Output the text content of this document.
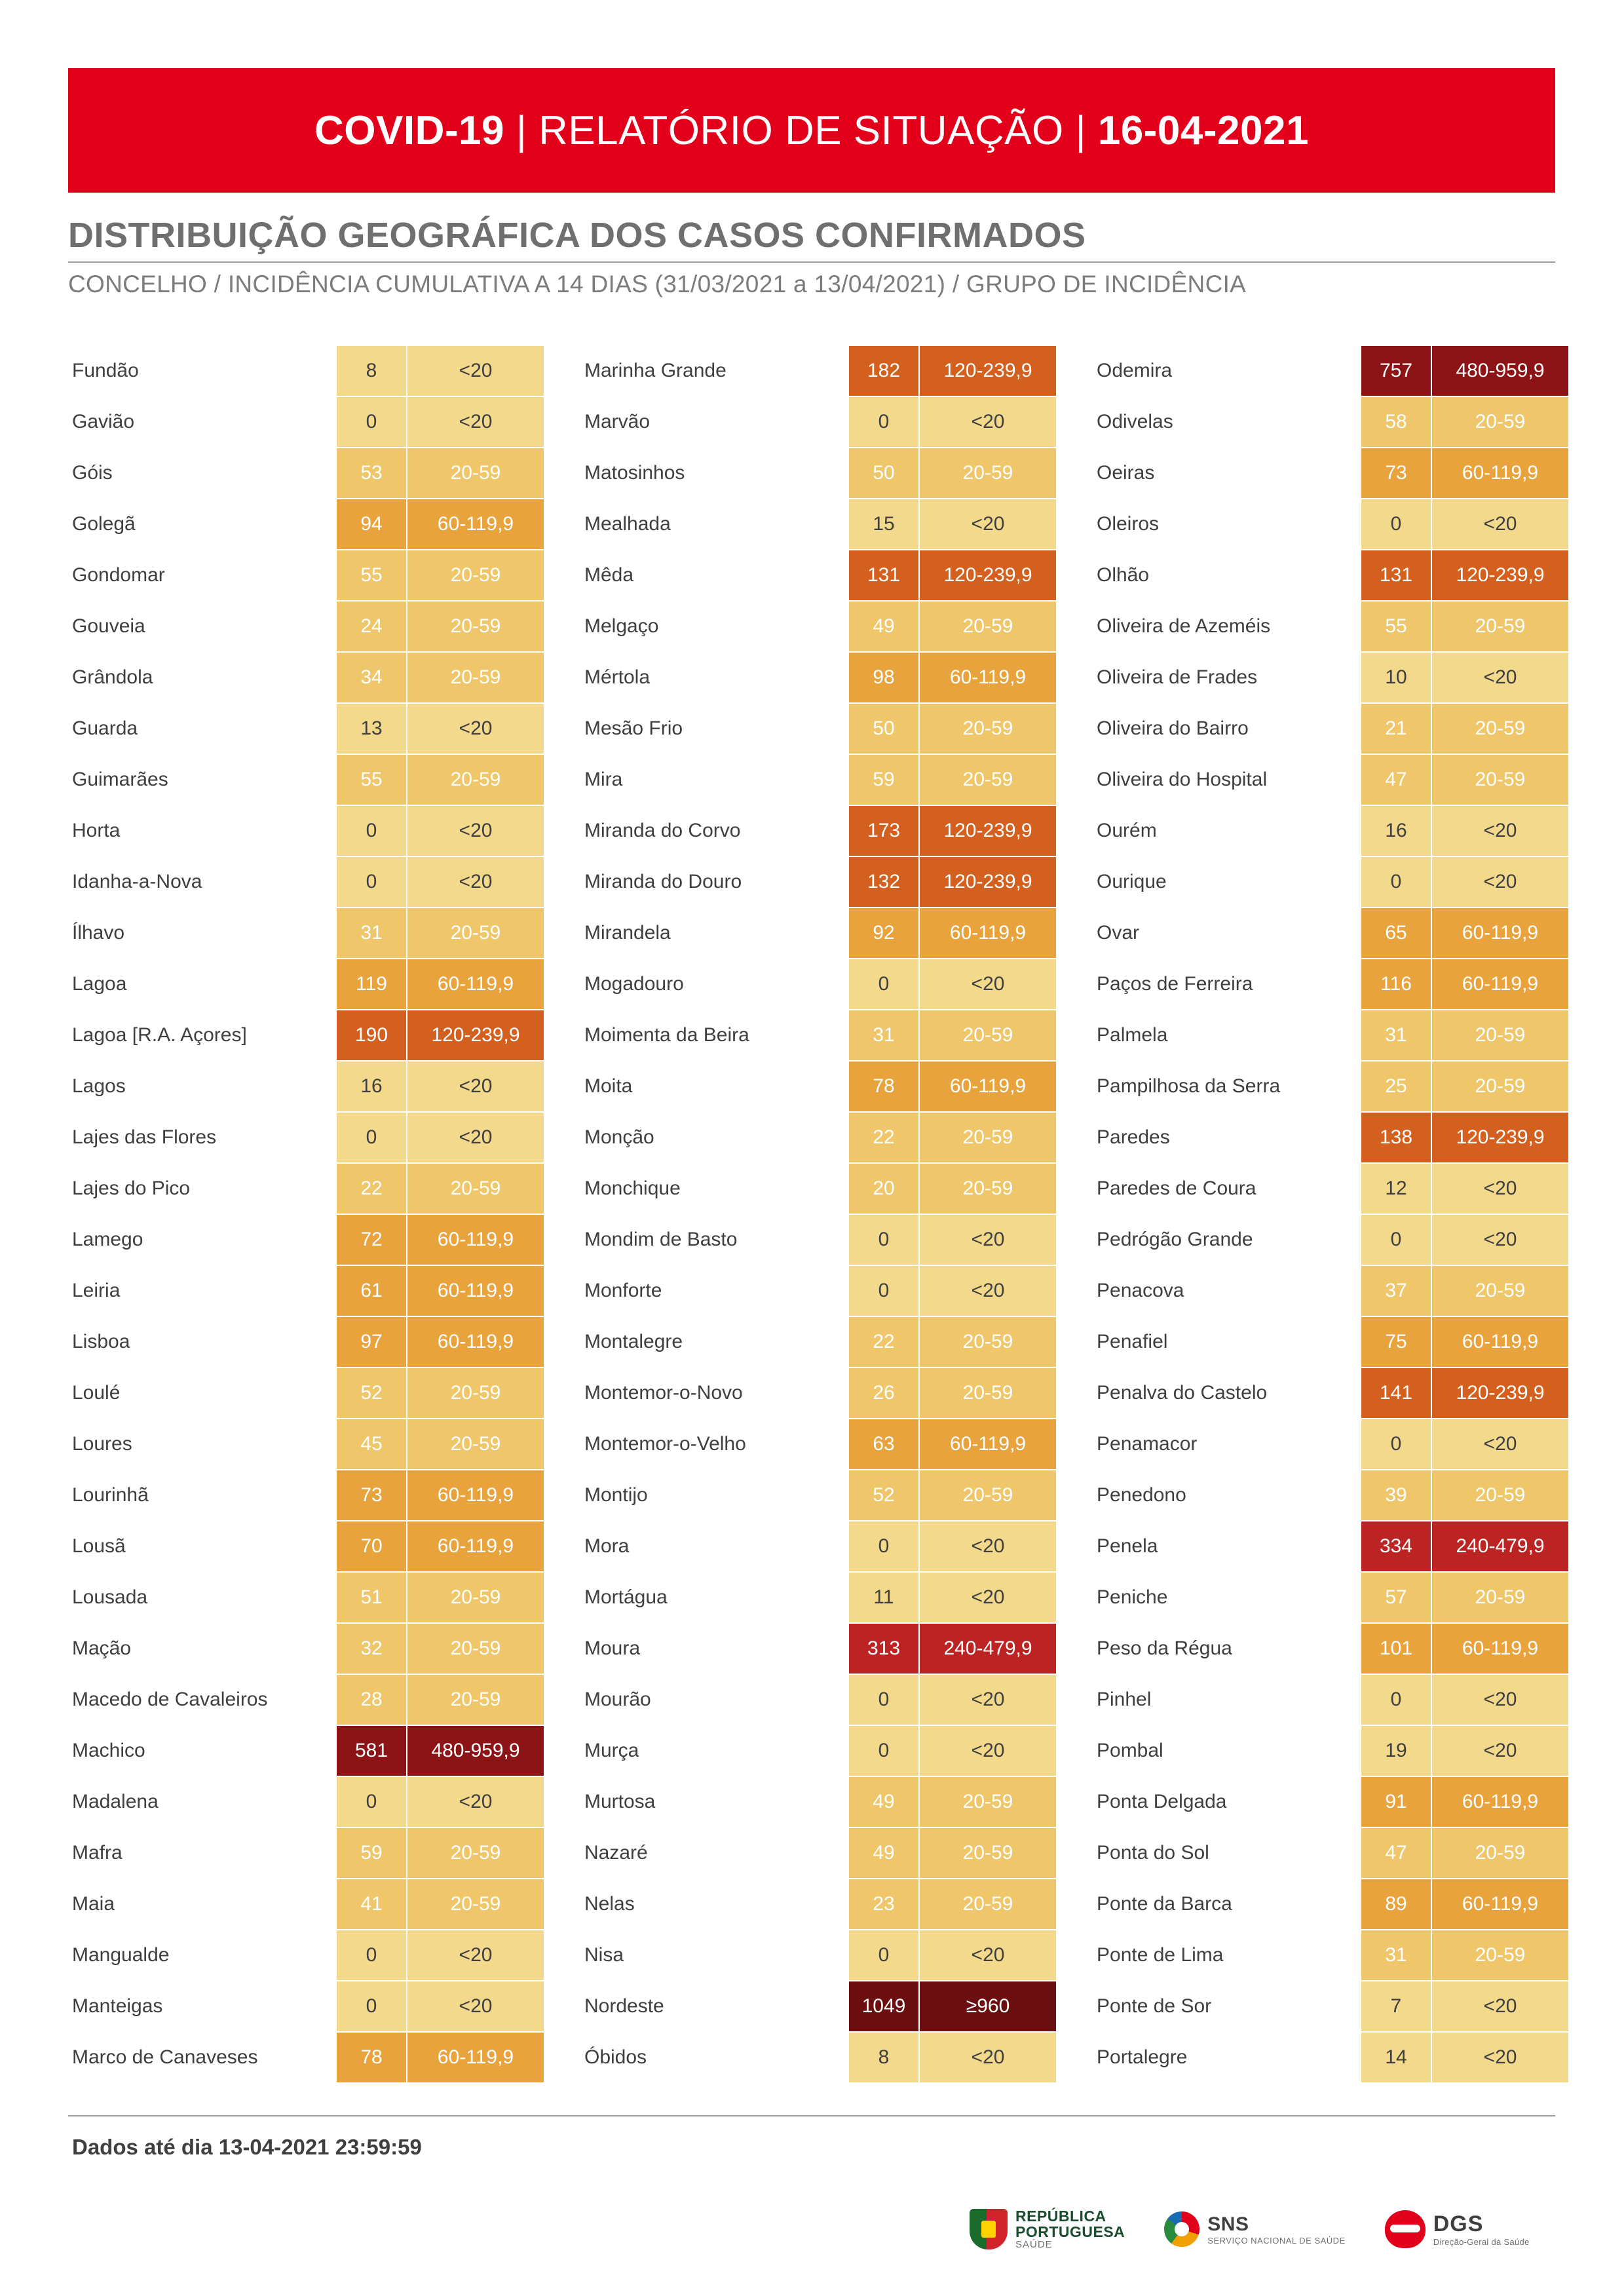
COVID-19 | RELATÓRIO DE SITUAÇÃO | 16-04-2021
DISTRIBUIÇÃO GEOGRÁFICA DOS CASOS CONFIRMADOS
CONCELHO / INCIDÊNCIA CUMULATIVA A 14 DIAS (31/03/2021 a 13/04/2021) / GRUPO DE INCIDÊNCIA
Fundão	8	<20
Gavião	0	<20
Góis	53	20-59
Golegã	94	60-119,9
Gondomar	55	20-59
Gouveia	24	20-59
Grândola	34	20-59
Guarda	13	<20
Guimarães	55	20-59
Horta	0	<20
Idanha-a-Nova	0	<20
Ílhavo	31	20-59
Lagoa	119	60-119,9
Lagoa [R.A. Açores]	190	120-239,9
Lagos	16	<20
Lajes das Flores	0	<20
Lajes do Pico	22	20-59
Lamego	72	60-119,9
Leiria	61	60-119,9
Lisboa	97	60-119,9
Loulé	52	20-59
Loures	45	20-59
Lourinhã	73	60-119,9
Lousã	70	60-119,9
Lousada	51	20-59
Mação	32	20-59
Macedo de Cavaleiros	28	20-59
Machico	581	480-959,9
Madalena	0	<20
Mafra	59	20-59
Maia	41	20-59
Mangualde	0	<20
Manteigas	0	<20
Marco de Canaveses	78	60-119,9
Marinha Grande	182	120-239,9
Marvão	0	<20
Matosinhos	50	20-59
Mealhada	15	<20
Mêda	131	120-239,9
Melgaço	49	20-59
Mértola	98	60-119,9
Mesão Frio	50	20-59
Mira	59	20-59
Miranda do Corvo	173	120-239,9
Miranda do Douro	132	120-239,9
Mirandela	92	60-119,9
Mogadouro	0	<20
Moimenta da Beira	31	20-59
Moita	78	60-119,9
Monção	22	20-59
Monchique	20	20-59
Mondim de Basto	0	<20
Monforte	0	<20
Montalegre	22	20-59
Montemor-o-Novo	26	20-59
Montemor-o-Velho	63	60-119,9
Montijo	52	20-59
Mora	0	<20
Mortágua	11	<20
Moura	313	240-479,9
Mourão	0	<20
Murça	0	<20
Murtosa	49	20-59
Nazaré	49	20-59
Nelas	23	20-59
Nisa	0	<20
Nordeste	1049	≥960
Óbidos	8	<20
Odemira	757	480-959,9
Odivelas	58	20-59
Oeiras	73	60-119,9
Oleiros	0	<20
Olhão	131	120-239,9
Oliveira de Azeméis	55	20-59
Oliveira de Frades	10	<20
Oliveira do Bairro	21	20-59
Oliveira do Hospital	47	20-59
Ourém	16	<20
Ourique	0	<20
Ovar	65	60-119,9
Paços de Ferreira	116	60-119,9
Palmela	31	20-59
Pampilhosa da Serra	25	20-59
Paredes	138	120-239,9
Paredes de Coura	12	<20
Pedrógão Grande	0	<20
Penacova	37	20-59
Penafiel	75	60-119,9
Penalva do Castelo	141	120-239,9
Penamacor	0	<20
Penedono	39	20-59
Penela	334	240-479,9
Peniche	57	20-59
Peso da Régua	101	60-119,9
Pinhel	0	<20
Pombal	19	<20
Ponta Delgada	91	60-119,9
Ponta do Sol	47	20-59
Ponte da Barca	89	60-119,9
Ponte de Lima	31	20-59
Ponte de Sor	7	<20
Portalegre	14	<20
Dados até dia 13-04-2021 23:59:59
REPÚBLICA
PORTUGUESA
SAÚDE
SNS
SERVIÇO NACIONAL DE SAÚDE
DGS
Direção-Geral da Saúde
